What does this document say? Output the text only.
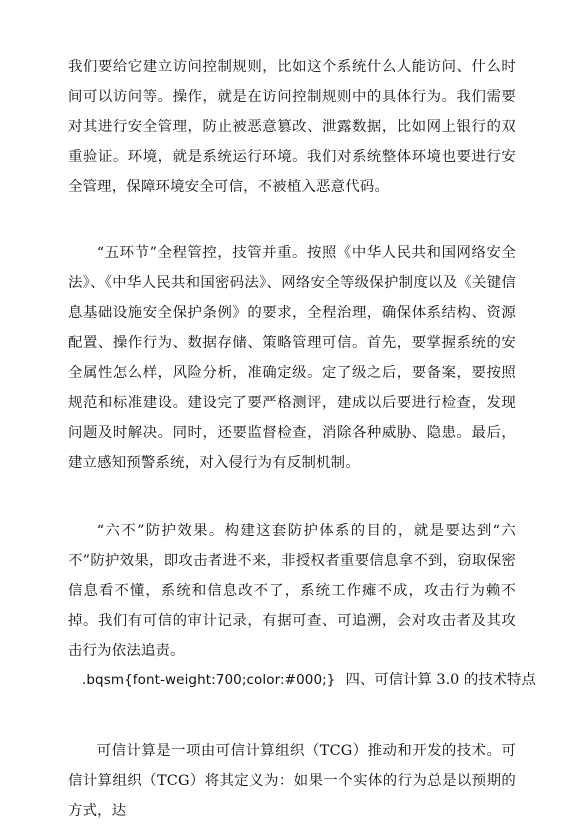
我们要给它建立访问控制规则，比如这个系统什么人能访问、什么时间可以访问等。操作，就是在访问控制规则中的具体行为。我们需要对其进行安全管理，防止被恶意篡改、泄露数据，比如网上银行的双重验证。环境，就是系统运行环境。我们对系统整体环境也要进行安全管理，保障环境安全可信，不被植入恶意代码。

“五环节”全程管控，技管并重。按照《中华人民共和国网络安全法》、《中华人民共和国密码法》、网络安全等级保护制度以及《关键信息基础设施安全保护条例》的要求，全程治理，确保体系结构、资源配置、操作行为、数据存储、策略管理可信。首先，要掌握系统的安全属性怎么样，风险分析，准确定级。定了级之后，要备案，要按照规范和标准建设。建设完了要严格测评，建成以后要进行检查，发现问题及时解决。同时，还要监督检查，消除各种威胁、隐患。最后，建立感知预警系统，对入侵行为有反制机制。

“六不”防护效果。构建这套防护体系的目的，就是要达到“六不”防护效果，即攻击者进不来，非授权者重要信息拿不到，窃取保密信息看不懂，系统和信息改不了，系统工作瘫不成，攻击行为赖不掉。我们有可信的审计记录，有据可查、可追溯，会对攻击者及其攻击行为依法追责。

.bqsm{font-weight:700;color:#000;} 四、可信计算 3.0 的技术特点

可信计算是一项由可信计算组织（TCG）推动和开发的技术。可信计算组织（TCG）将其定义为：如果一个实体的行为总是以预期的方式，达
